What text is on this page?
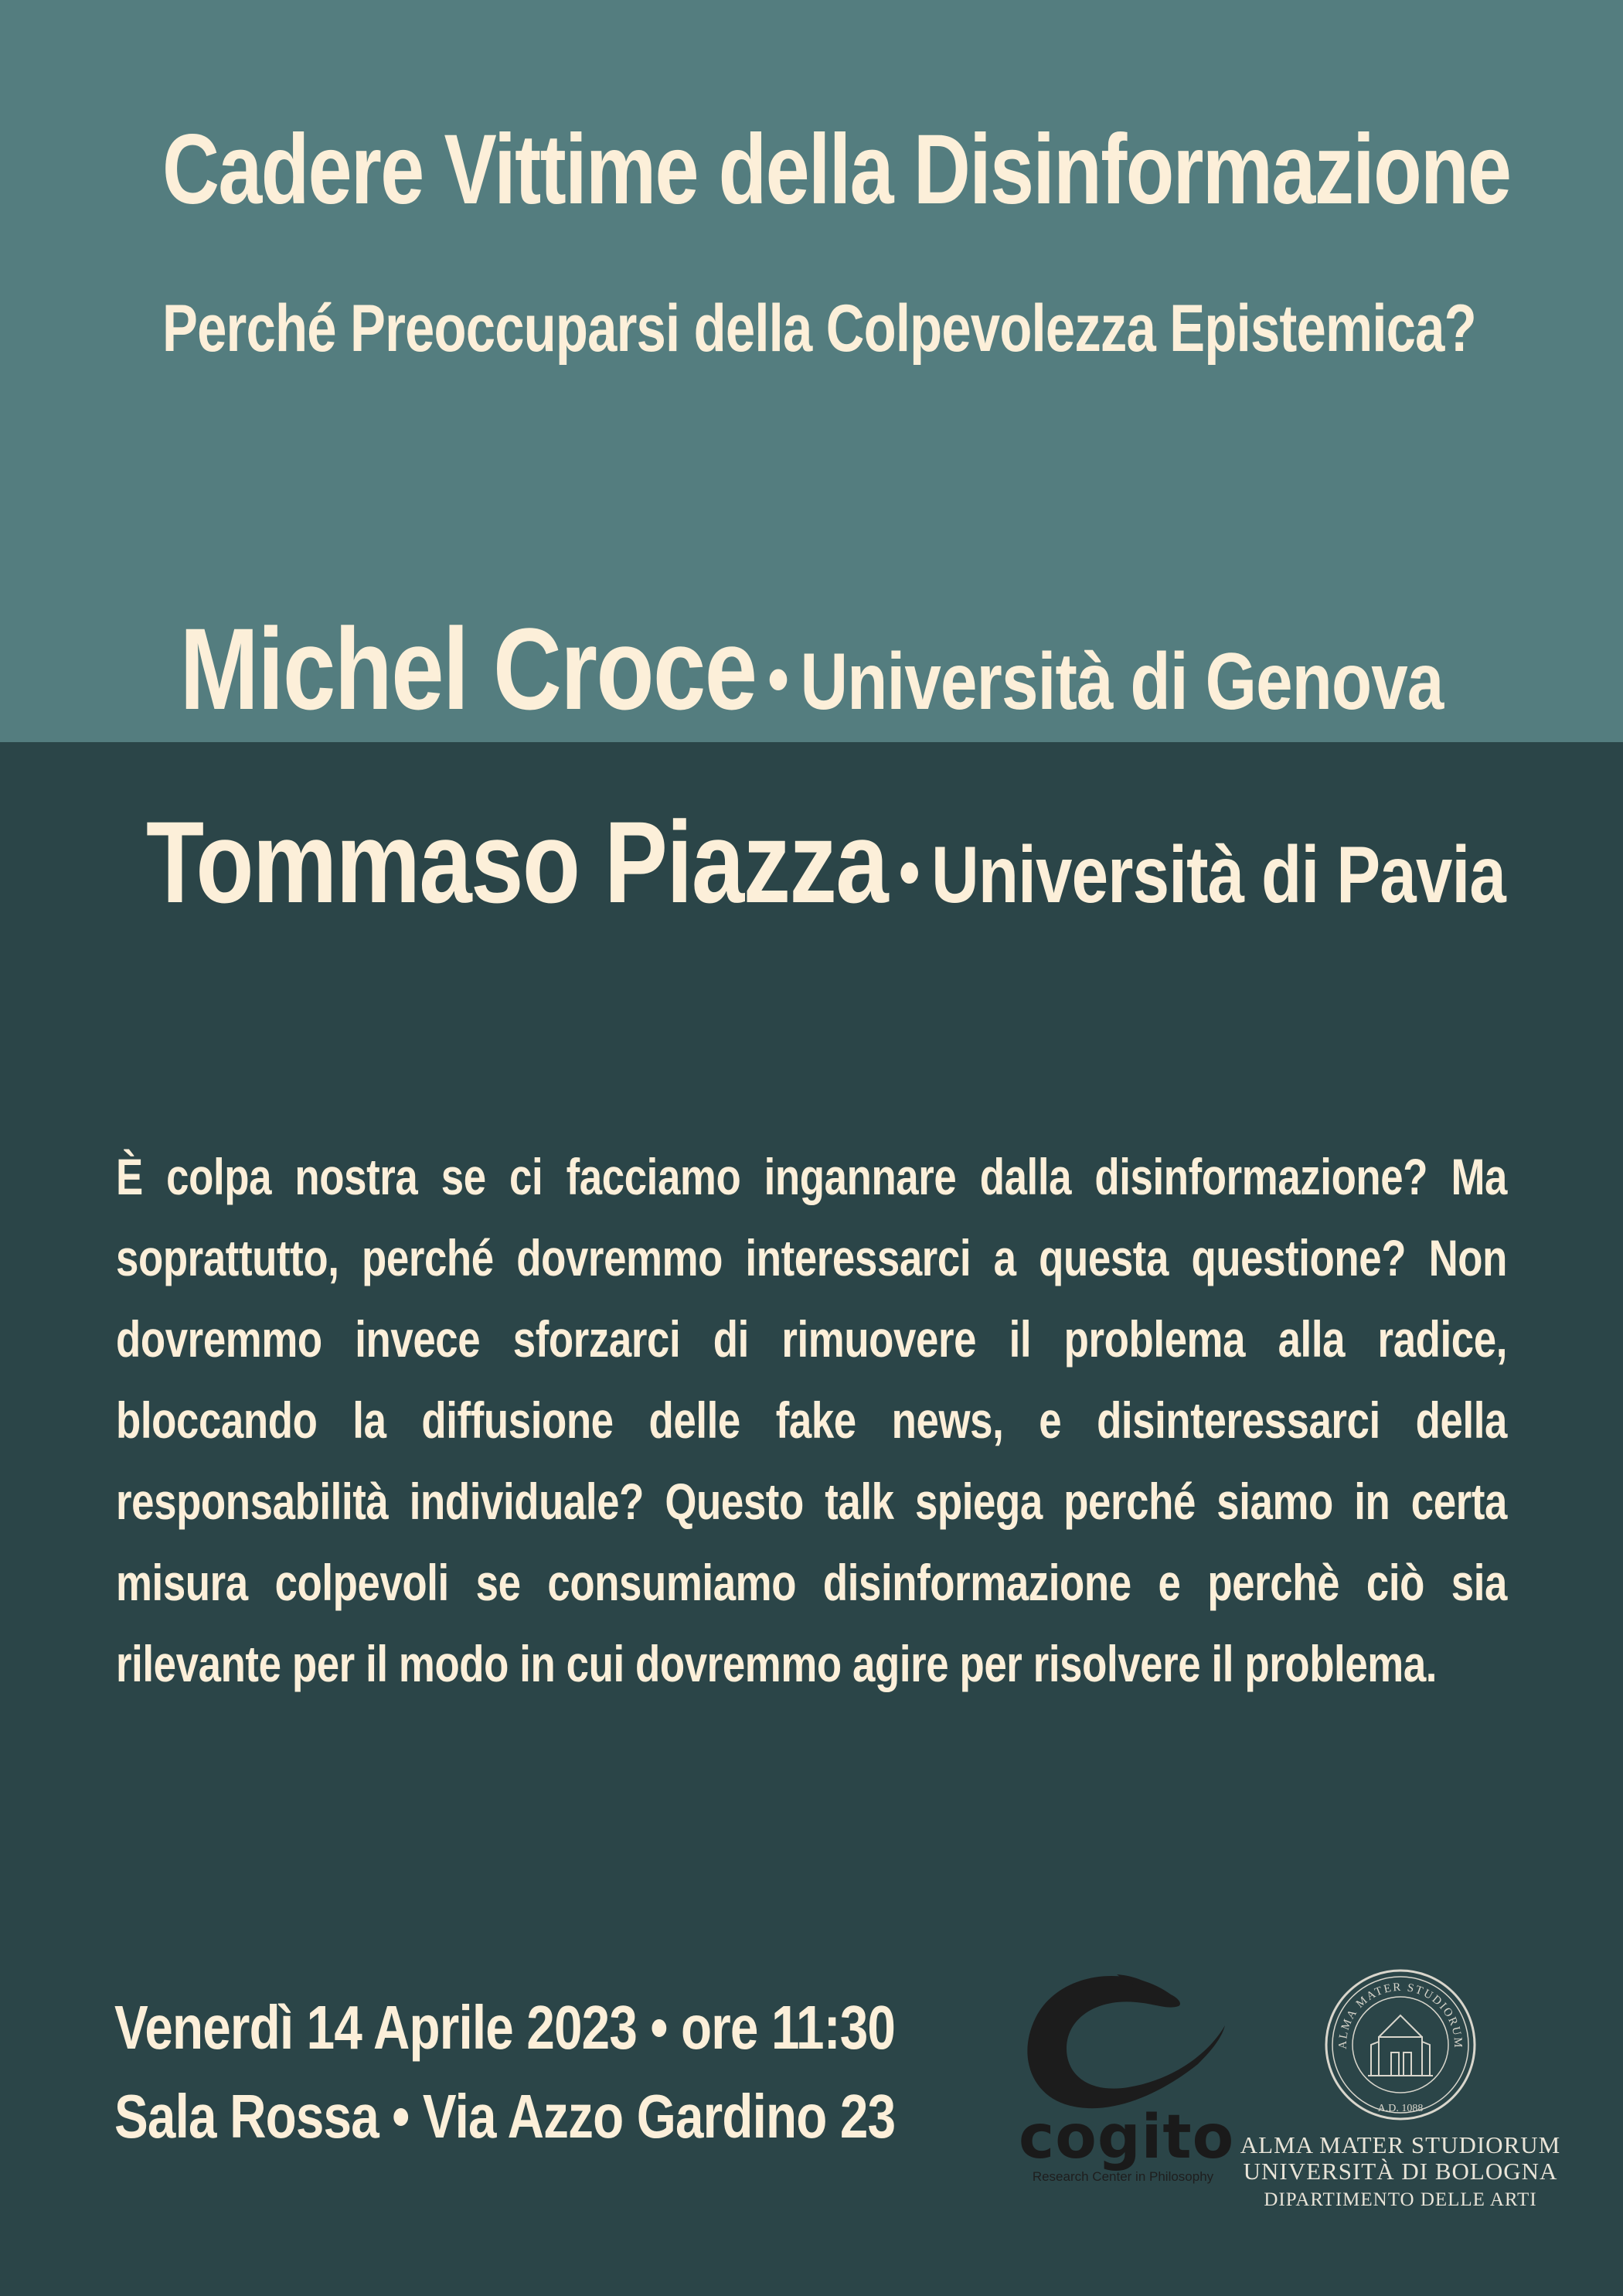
Cadere Vittime della Disinformazione
Perché Preoccuparsi della Colpevolezza Epistemica?
Michel Croce • Università di Genova
Tommaso Piazza • Università di Pavia
È colpa nostra se ci facciamo ingannare dalla disinformazione? Ma soprattutto, perché dovremmo interessarci a questa questione? Non dovremmo invece sforzarci di rimuovere il problema alla radice, bloccando la diffusione delle fake news, e disinteressarci della responsabilità individuale? Questo talk spiega perché siamo in certa misura colpevoli se consumiamo disinformazione e perchè ciò sia rilevante per il modo in cui dovremmo agire per risolvere il problema.
Venerdì 14 Aprile 2023 • ore 11:30
Sala Rossa • Via Azzo Gardino 23 cogito
Research Center in Philosophy
ALMA MATER STUDIORUM
A.D. 1088
ALMA MATER STUDIORUM
UNIVERSITÀ DI BOLOGNA
DIPARTIMENTO DELLE ARTI
